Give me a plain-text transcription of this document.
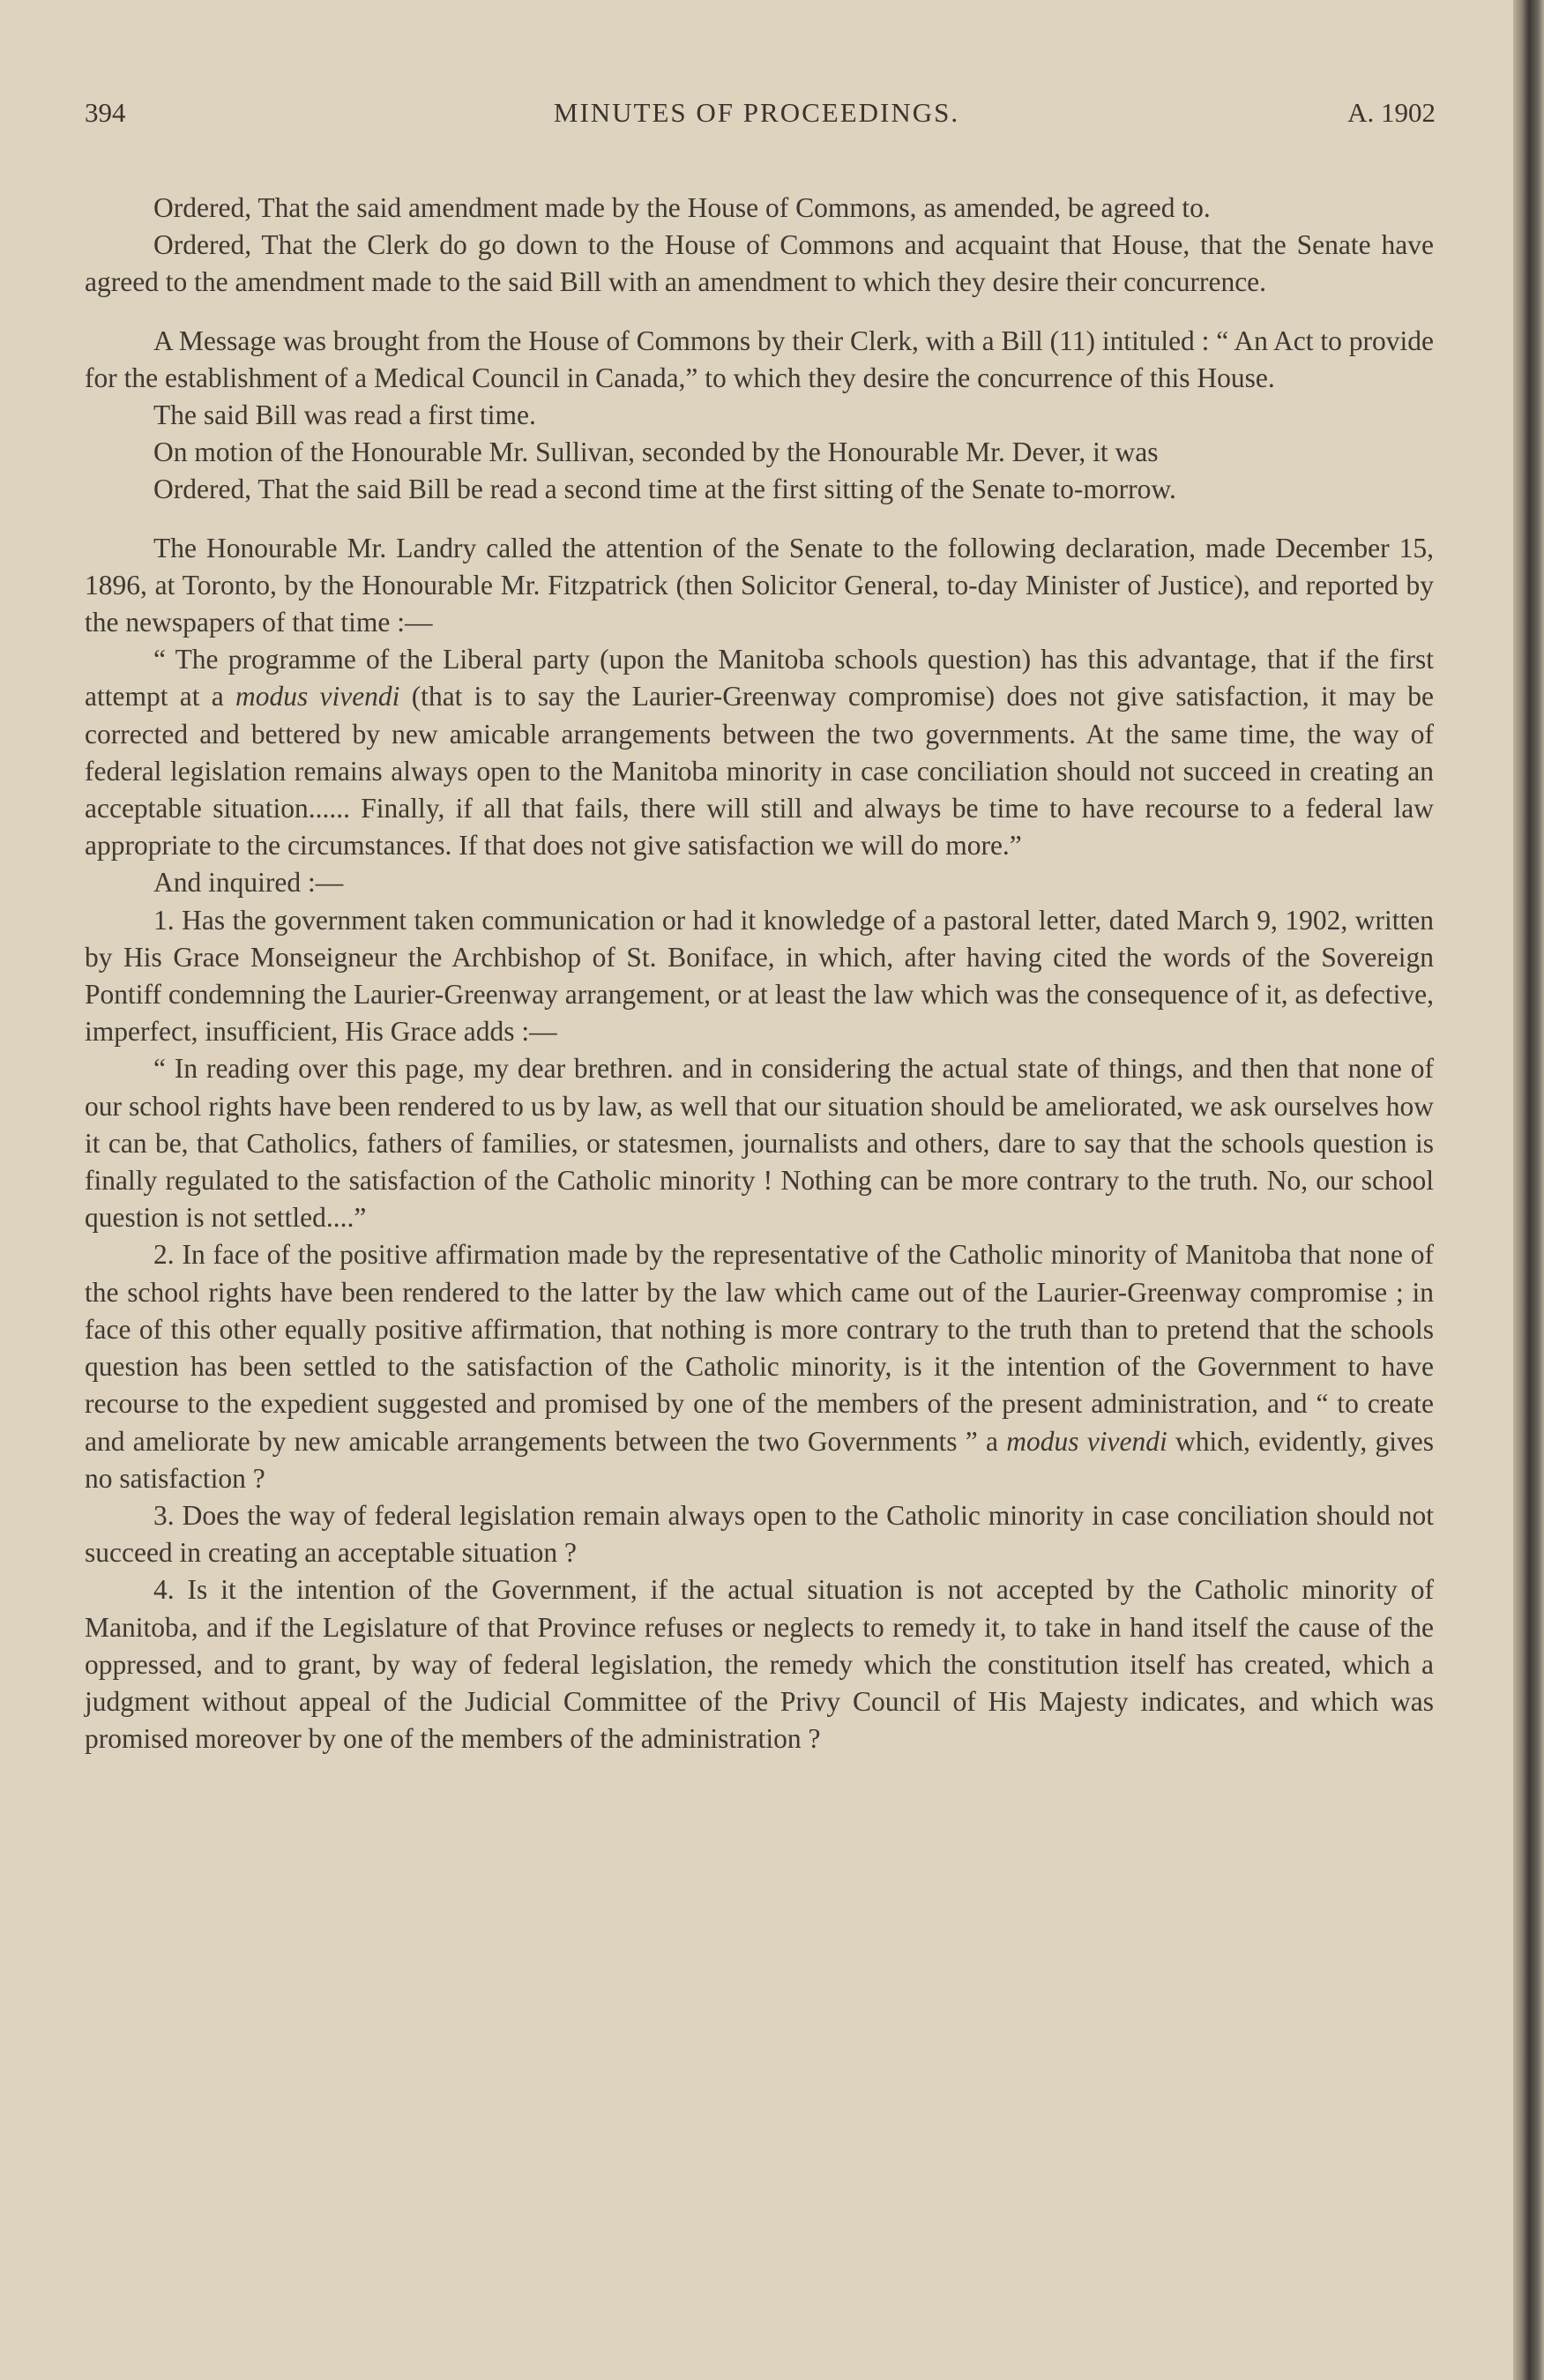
394	MINUTES OF PROCEEDINGS.	A. 1902

Ordered, That the said amendment made by the House of Commons, as amended, be agreed to.

Ordered, That the Clerk do go down to the House of Commons and acquaint that House, that the Senate have agreed to the amendment made to the said Bill with an amendment to which they desire their concurrence.

A Message was brought from the House of Commons by their Clerk, with a Bill (11) intituled : “ An Act to provide for the establishment of a Medical Council in Canada,” to which they desire the concurrence of this House.

The said Bill was read a first time.

On motion of the Honourable Mr. Sullivan, seconded by the Honourable Mr. Dever, it was

Ordered, That the said Bill be read a second time at the first sitting of the Senate to-morrow.

The Honourable Mr. Landry called the attention of the Senate to the following declaration, made December 15, 1896, at Toronto, by the Honourable Mr. Fitzpatrick (then Solicitor General, to-day Minister of Justice), and reported by the newspapers of that time :—

“ The programme of the Liberal party (upon the Manitoba schools question) has this advantage, that if the first attempt at a modus vivendi (that is to say the Laurier-Greenway compromise) does not give satisfaction, it may be corrected and bettered by new amicable arrangements between the two governments. At the same time, the way of federal legislation remains always open to the Manitoba minority in case conciliation should not succeed in creating an acceptable situation...... Finally, if all that fails, there will still and always be time to have recourse to a federal law appropriate to the circumstances. If that does not give satisfaction we will do more.”

And inquired :—

1. Has the government taken communication or had it knowledge of a pastoral letter, dated March 9, 1902, written by His Grace Monseigneur the Archbishop of St. Boniface, in which, after having cited the words of the Sovereign Pontiff condemning the Laurier-Greenway arrangement, or at least the law which was the consequence of it, as defective, imperfect, insufficient, His Grace adds :—

“ In reading over this page, my dear brethren. and in considering the actual state of things, and then that none of our school rights have been rendered to us by law, as well that our situation should be ameliorated, we ask ourselves how it can be, that Catholics, fathers of families, or statesmen, journalists and others, dare to say that the schools question is finally regulated to the satisfaction of the Catholic minority ! Nothing can be more contrary to the truth. No, our school question is not settled....”

2. In face of the positive affirmation made by the representative of the Catholic minority of Manitoba that none of the school rights have been rendered to the latter by the law which came out of the Laurier-Greenway compromise ; in face of this other equally positive affirmation, that nothing is more contrary to the truth than to pretend that the schools question has been settled to the satisfaction of the Catholic minority, is it the intention of the Government to have recourse to the expedient suggested and promised by one of the members of the present administration, and “ to create and ameliorate by new amicable arrangements between the two Governments ” a modus vivendi which, evidently, gives no satisfaction ?

3. Does the way of federal legislation remain always open to the Catholic minority in case conciliation should not succeed in creating an acceptable situation ?

4. Is it the intention of the Government, if the actual situation is not accepted by the Catholic minority of Manitoba, and if the Legislature of that Province refuses or neglects to remedy it, to take in hand itself the cause of the oppressed, and to grant, by way of federal legislation, the remedy which the constitution itself has created, which a judgment without appeal of the Judicial Committee of the Privy Council of His Majesty indicates, and which was promised moreover by one of the members of the administration ?
